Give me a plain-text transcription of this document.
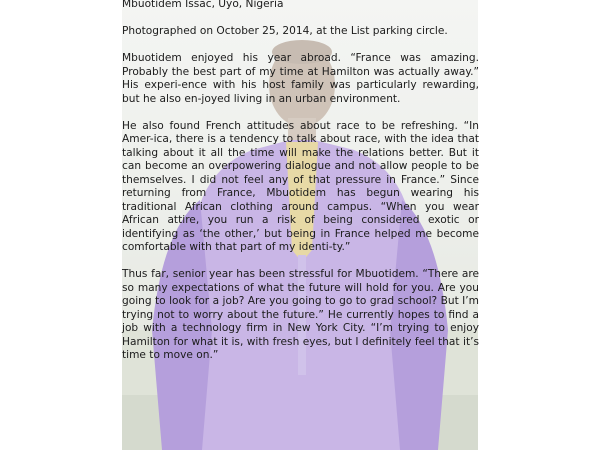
Mbuotidem Issac, Uyo, Nigeria

Photographed on October 25, 2014, at the List parking circle.

Mbuotidem enjoyed his year abroad. “France was amazing. Probably the best part of my time at Hamilton was actually away.” His experi-ence with his host family was particularly rewarding, but he also en-joyed living in an urban environment.

He also found French attitudes about race to be refreshing. “In Amer-ica, there is a tendency to talk about race, with the idea that talking about it all the time will make the relations better. But it can become an overpowering dialogue and not allow people to be themselves. I did not feel any of that pressure in France.” Since returning from France, Mbuotidem has begun wearing his traditional African clothing around campus. “When you wear African attire, you run a risk of being considered exotic or identifying as ‘the other,’ but being in France helped me become comfortable with that part of my identi-ty.”

Thus far, senior year has been stressful for Mbuotidem. “There are so many expectations of what the future will hold for you. Are you going to look for a job? Are you going to go to grad school? But I’m trying not to worry about the future.” He currently hopes to find a job with a technology firm in New York City. “I’m trying to enjoy Hamilton for what it is, with fresh eyes, but I definitely feel that it’s time to move on.”
